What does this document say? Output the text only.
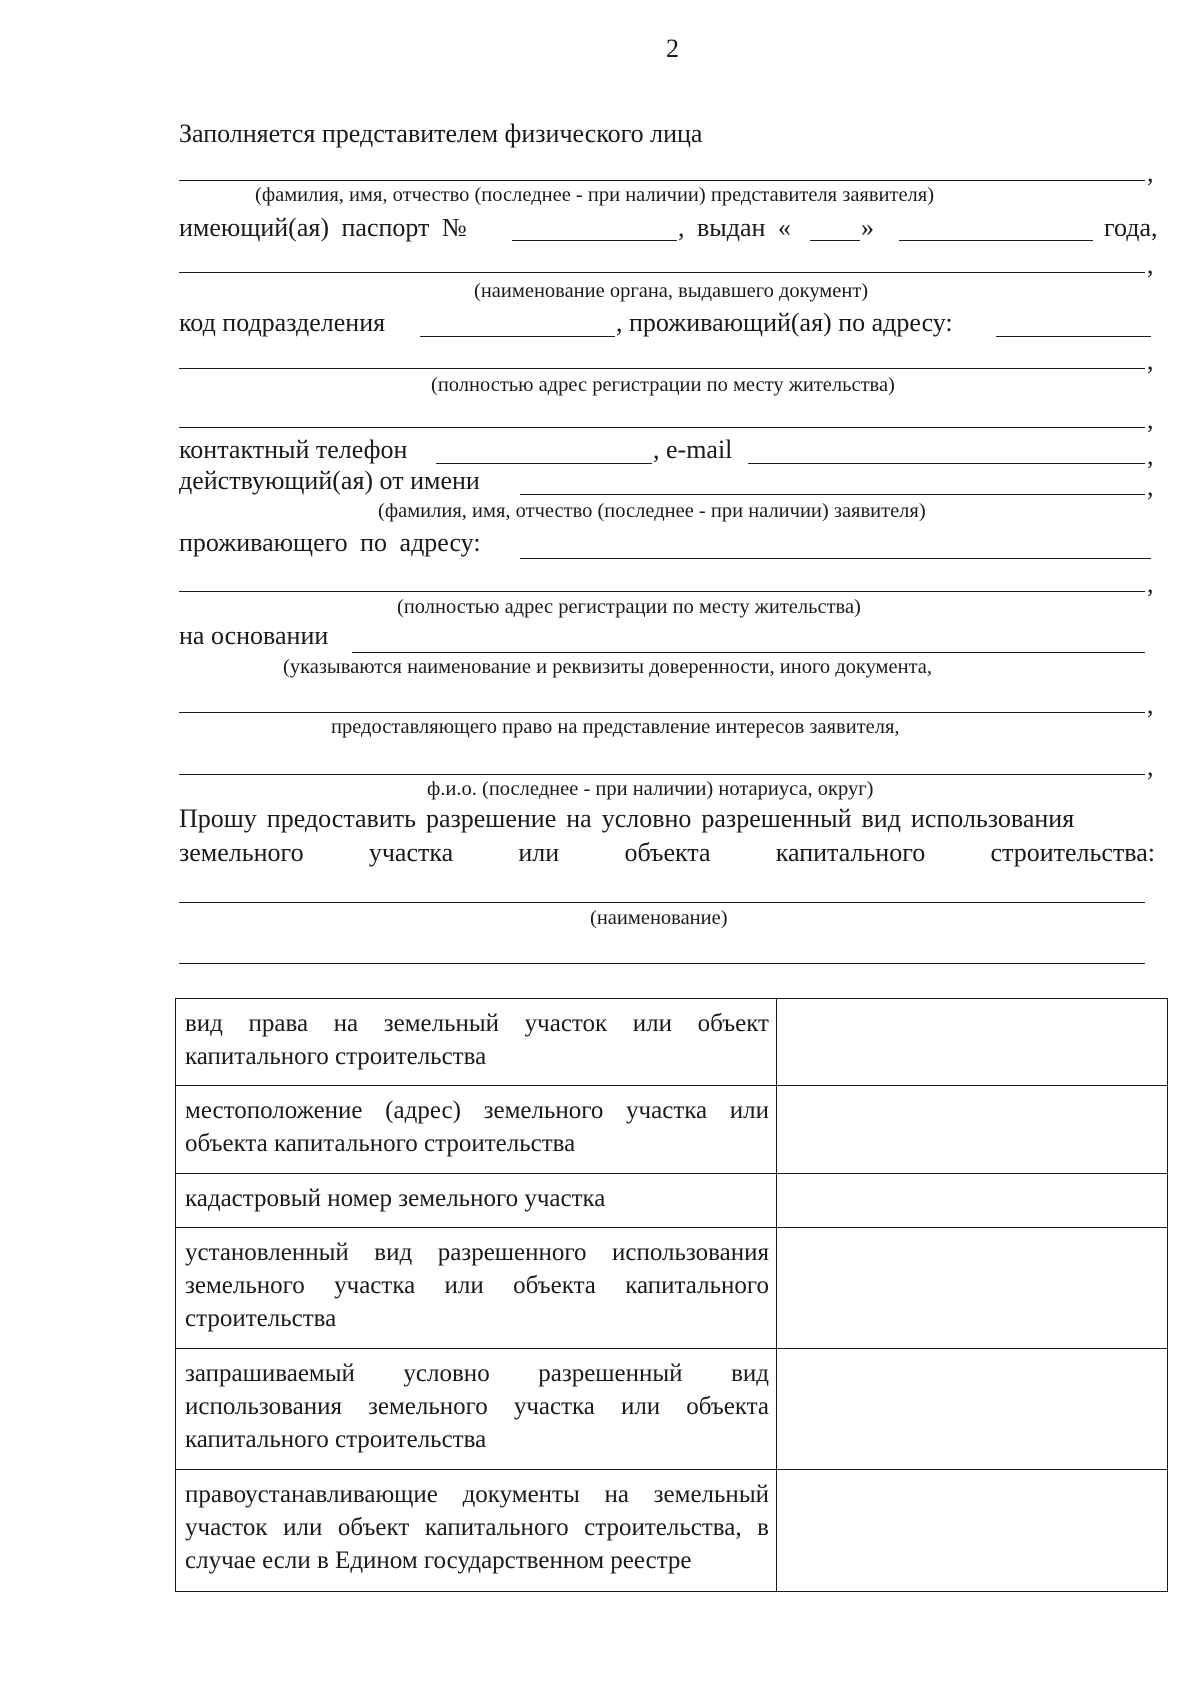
2
Заполняется представителем физического лица
,
(фамилия, имя, отчество (последнее - при наличии) представителя заявителя)
имеющий(ая) паспорт №	, выдан «	»	года,
,
(наименование органа, выдавшего документ)
код подразделения	, проживающий(ая) по адресу:
,
(полностью адрес регистрации по месту жительства)
,
контактный телефон	, e-mail	,
действующий(ая) от имени	,
(фамилия, имя, отчество (последнее - при наличии) заявителя)
проживающего по адресу:
,
(полностью адрес регистрации по месту жительства)
на основании
(указываются наименование и реквизиты доверенности, иного документа,
,
предоставляющего право на представление интересов заявителя,
,
ф.и.о. (последнее - при наличии) нотариуса, округ)
Прошу предоставить разрешение на условно разрешенный вид использования
земельного	участка	или	объекта	капитального	строительства:
(наименование)
вид права на земельный участок или объект капитального строительства	
местоположение (адрес) земельного участка или объекта капитального строительства	
кадастровый номер земельного участка	
установленный вид разрешенного использования земельного участка или объекта капитального строительства	
запрашиваемый условно разрешенный вид использования земельного участка или объекта капитального строительства	
правоустанавливающие документы на земельный участок или объект капитального строительства, в случае если в Едином государственном реестре	
